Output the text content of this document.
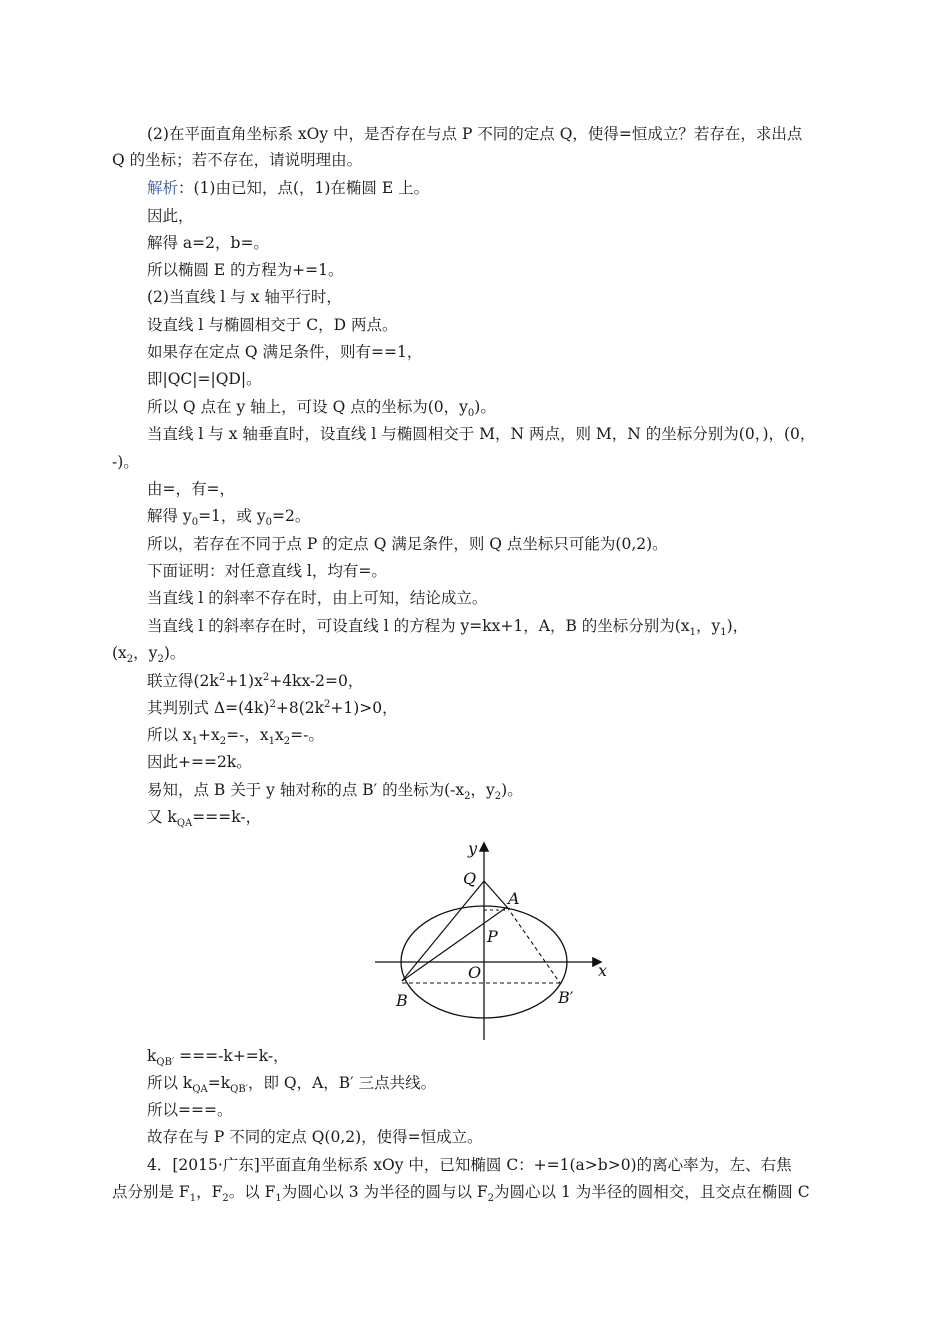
(2)在平面直角坐标系 xOy 中，是否存在与点 P 不同的定点 Q，使得=恒成立？若存在，求出点
Q 的坐标；若不存在，请说明理由。
解析：(1)由已知，点(，1)在椭圆 E 上。
因此，
解得 a=2，b=。
所以椭圆 E 的方程为+=1。
(2)当直线 l 与 x 轴平行时，
设直线 l 与椭圆相交于 C，D 两点。
如果存在定点 Q 满足条件，则有==1，
即|QC|=|QD|。
所以 Q 点在 y 轴上，可设 Q 点的坐标为(0，$y_0$)。
当直线 l 与 x 轴垂直时，设直线 l 与椭圆相交于 M，N 两点，则 M，N 的坐标分别为(0，)，(0，
-)。
由=，有=，
解得 $y_0=1$，或 $y_0=2$。
所以，若存在不同于点 P 的定点 Q 满足条件，则 Q 点坐标只可能为(0,2)。
下面证明：对任意直线 l，均有=。
当直线 l 的斜率不存在时，由上可知，结论成立。
当直线 l 的斜率存在时，可设直线 l 的方程为 y=kx+1，A，B 的坐标分别为($x_1$，$y_1$)，
($x_2$，$y_2$)。
联立得$(2k^2+1)x^2+4kx-2=0$，
其判别式 $\Delta=(4k)^2+8(2k^2+1)>0$，
所以 $x_1+x_2=-$，$x_1x_2=-$。
因此+==2k。
易知，点 B 关于 y 轴对称的点 B′ 的坐标为($-x_2$，$y_2$)。
又 $k_{QA}===k-$，
y
x
Q
A
P
O
B	B′
$k_{QB'} ===-k+=k-$，
所以 $k_{QA}=k_{QB'}$，即 Q，A，B′ 三点共线。
所以===。
故存在与 P 不同的定点 Q(0,2)，使得=恒成立。
4．[2015·广东]平面直角坐标系 xOy 中，已知椭圆 C：+=1(a>b>0)的离心率为，左、右焦
点分别是 $F_1$，$F_2$。以 $F_1$为圆心以 3 为半径的圆与以 $F_2$为圆心以 1 为半径的圆相交，且交点在椭圆 C
